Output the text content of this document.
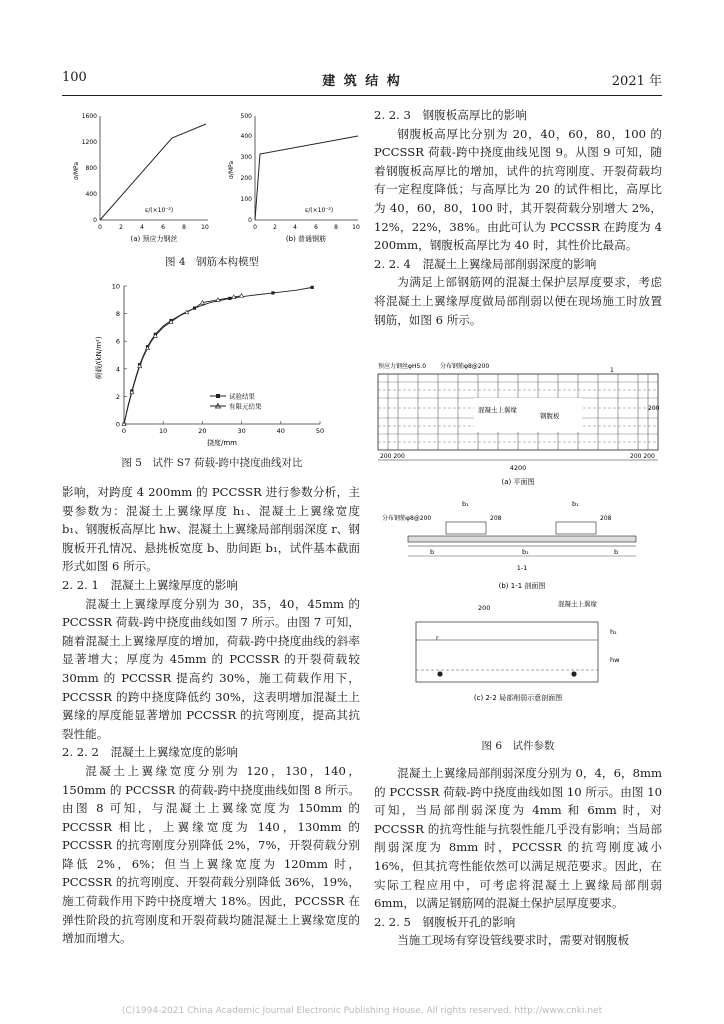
100	建 筑 结 构	2021 年
σ/MPa
ε/(×10⁻²)
0
400
800
1200
1600
0	2	4	6	8	10
(a) 预应力钢丝
σ/MPa
ε/(×10⁻²)
0
100
200
300
400
500
0	2	4	6	8 10
(b) 普通钢筋
图 4　钢筋本构模型
荷载/(kN/m²)
挠度/mm
0	10	20	30	40	50
0
2
4
6
8
10
试验结果
有限元结果
图 5　试件 S7 荷载-跨中挠度曲线对比

影响，对跨度 4 200mm 的 PCCSSR 进行参数分析，主要参数为：混凝土上翼缘厚度 h₁、混凝土上翼缘宽度 b₁、钢腹板高厚比 hw、混凝土上翼缘局部削弱深度 r、钢腹板开孔情况、悬挑板宽度 b、肋间距 b₁，试件基本截面形式如图 6 所示。

2. 2. 1　混凝土上翼缘厚度的影响

混凝土上翼缘厚度分别为 30，35，40，45mm 的 PCCSSR 荷载-跨中挠度曲线如图 7 所示。由图 7 可知，随着混凝土上翼缘厚度的增加，荷载-跨中挠度曲线的斜率显著增大；厚度为 45mm 的 PCCSSR 的开裂荷载较 30mm 的 PCCSSR 提高约 30%，施工荷载作用下，PCCSSR 的跨中挠度降低约 30%，这表明增加混凝土上翼缘的厚度能显著增加 PCCSSR 的抗弯刚度，提高其抗裂性能。

2. 2. 2　混凝土上翼缘宽度的影响

混凝土上翼缘宽度分别为 120，130，140，150mm 的 PCCSSR 的荷载-跨中挠度曲线如图 8 所示。由图 8 可知，与混凝土上翼缘宽度为 150mm 的 PCCSSR 相比，上翼缘宽度为 140，130mm 的 PCCSSR 的抗弯刚度分别降低 2%，7%，开裂荷载分别降低 2%，6%；但当上翼缘宽度为 120mm 时，PCCSSR 的抗弯刚度、开裂荷载分别降低 36%，19%，施工荷载作用下跨中挠度增大 18%。因此，PCCSSR 在弹性阶段的抗弯刚度和开裂荷载均随混凝土上翼缘宽度的增加而增大。

2. 2. 3　钢腹板高厚比的影响

钢腹板高厚比分别为 20，40，60，80，100 的 PCCSSR 荷载-跨中挠度曲线见图 9。从图 9 可知，随着钢腹板高厚比的增加，试件的抗弯刚度、开裂荷载均有一定程度降低；与高厚比为 20 的试件相比，高厚比为 40，60，80，100 时，其开裂荷载分别增大 2%，12%，22%，38%。由此可认为 PCCSSR 在跨度为 4 200mm，钢腹板高厚比为 40 时，其性价比最高。

2. 2. 4　混凝土上翼缘局部削弱深度的影响

为满足上部钢筋网的混凝土保护层厚度要求，考虑将混凝土上翼缘厚度做局部削弱以便在现场施工时放置钢筋，如图 6 所示。

预应力钢丝φH5.0 分布钢筋φ8@200
混凝土上翼缘
钢腹板
1
200 200
4200
200 200
200
(a) 平面图
分布钢筋φ8@200
b₁	b₁
208	208
b	b₁	b
1-1
(b) 1-1 剖面图
200	混凝土上翼缘
r
h₁
hw
(c) 2-2 局部削弱示意剖面图
图 6　试件参数

混凝土上翼缘局部削弱深度分别为 0，4，6，8mm 的 PCCSSR 荷载-跨中挠度曲线如图 10 所示。由图 10 可知，当局部削弱深度为 4mm 和 6mm 时，对 PCCSSR 的抗弯性能与抗裂性能几乎没有影响；当局部削弱深度为 8mm 时，PCCSSR 的抗弯刚度减小 16%，但其抗弯性能依然可以满足规范要求。因此，在实际工程应用中，可考虑将混凝土上翼缘局部削弱 6mm，以满足钢筋网的混凝土保护层厚度要求。

2. 2. 5　钢腹板开孔的影响

当施工现场有穿设管线要求时，需要对钢腹板

(C)1994-2021 China Academic Journal Electronic Publishing House. All rights reserved. http://www.cnki.net
